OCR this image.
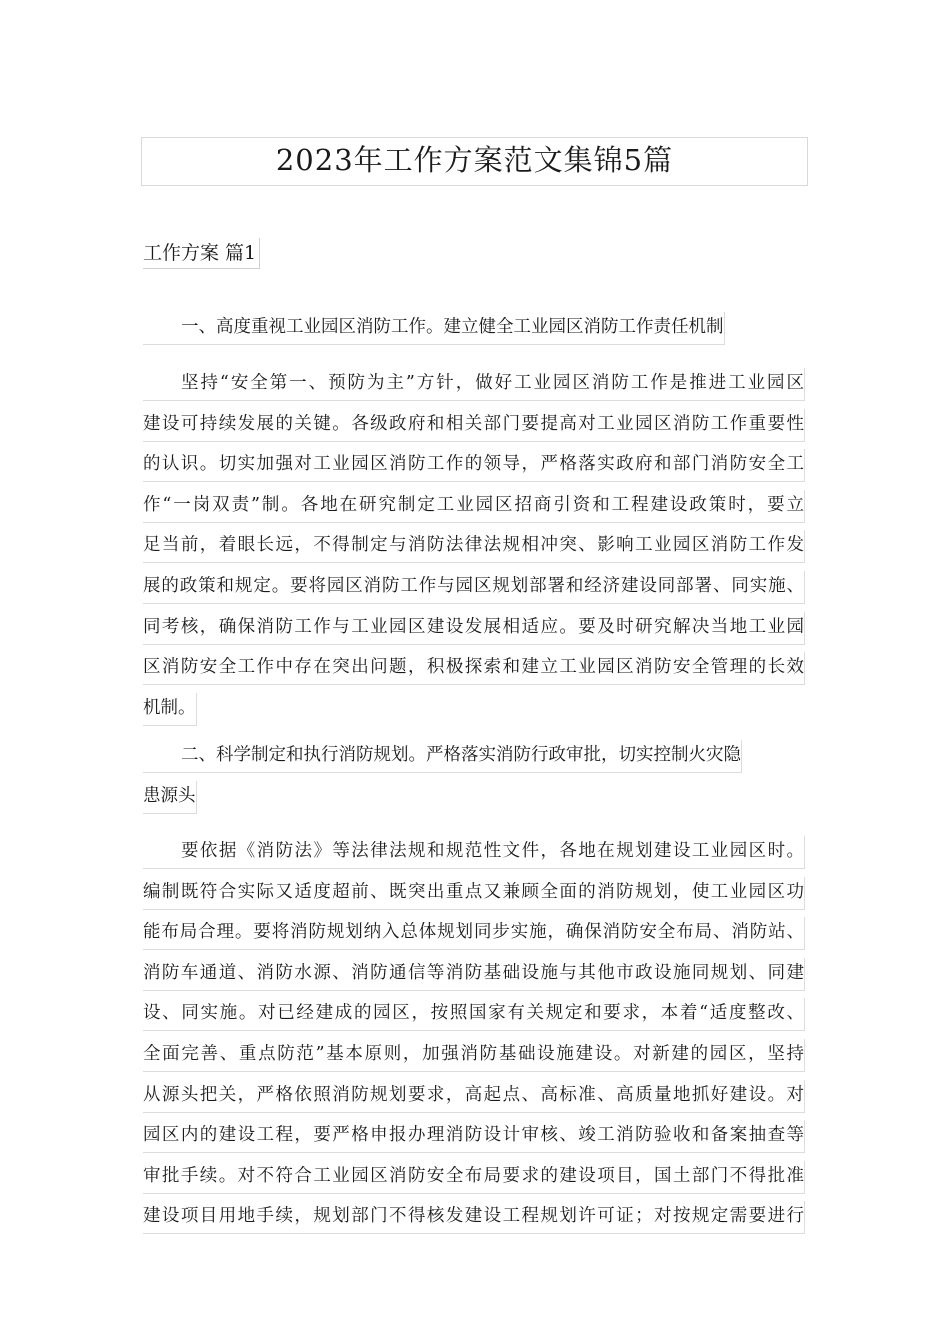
2023年工作方案范文集锦5篇
工作方案 篇1
一、高度重视工业园区消防工作。建立健全工业园区消防工作责任机制
坚持“安全第一、预防为主”方针，做好工业园区消防工作是推进工业园区
建设可持续发展的关键。各级政府和相关部门要提高对工业园区消防工作重要性
的认识。切实加强对工业园区消防工作的领导，严格落实政府和部门消防安全工
作“一岗双责”制。各地在研究制定工业园区招商引资和工程建设政策时，要立
足当前，着眼长远，不得制定与消防法律法规相冲突、影响工业园区消防工作发
展的政策和规定。要将园区消防工作与园区规划部署和经济建设同部署、同实施、
同考核，确保消防工作与工业园区建设发展相适应。要及时研究解决当地工业园
区消防安全工作中存在突出问题，积极探索和建立工业园区消防安全管理的长效
机制。
二、科学制定和执行消防规划。严格落实消防行政审批，切实控制火灾隐
患源头
要依据《消防法》等法律法规和规范性文件，各地在规划建设工业园区时。
编制既符合实际又适度超前、既突出重点又兼顾全面的消防规划，使工业园区功
能布局合理。要将消防规划纳入总体规划同步实施，确保消防安全布局、消防站、
消防车通道、消防水源、消防通信等消防基础设施与其他市政设施同规划、同建
设、同实施。对已经建成的园区，按照国家有关规定和要求，本着“适度整改、
全面完善、重点防范”基本原则，加强消防基础设施建设。对新建的园区，坚持
从源头把关，严格依照消防规划要求，高起点、高标准、高质量地抓好建设。对
园区内的建设工程，要严格申报办理消防设计审核、竣工消防验收和备案抽查等
审批手续。对不符合工业园区消防安全布局要求的建设项目，国土部门不得批准
建设项目用地手续，规划部门不得核发建设工程规划许可证；对按规定需要进行
